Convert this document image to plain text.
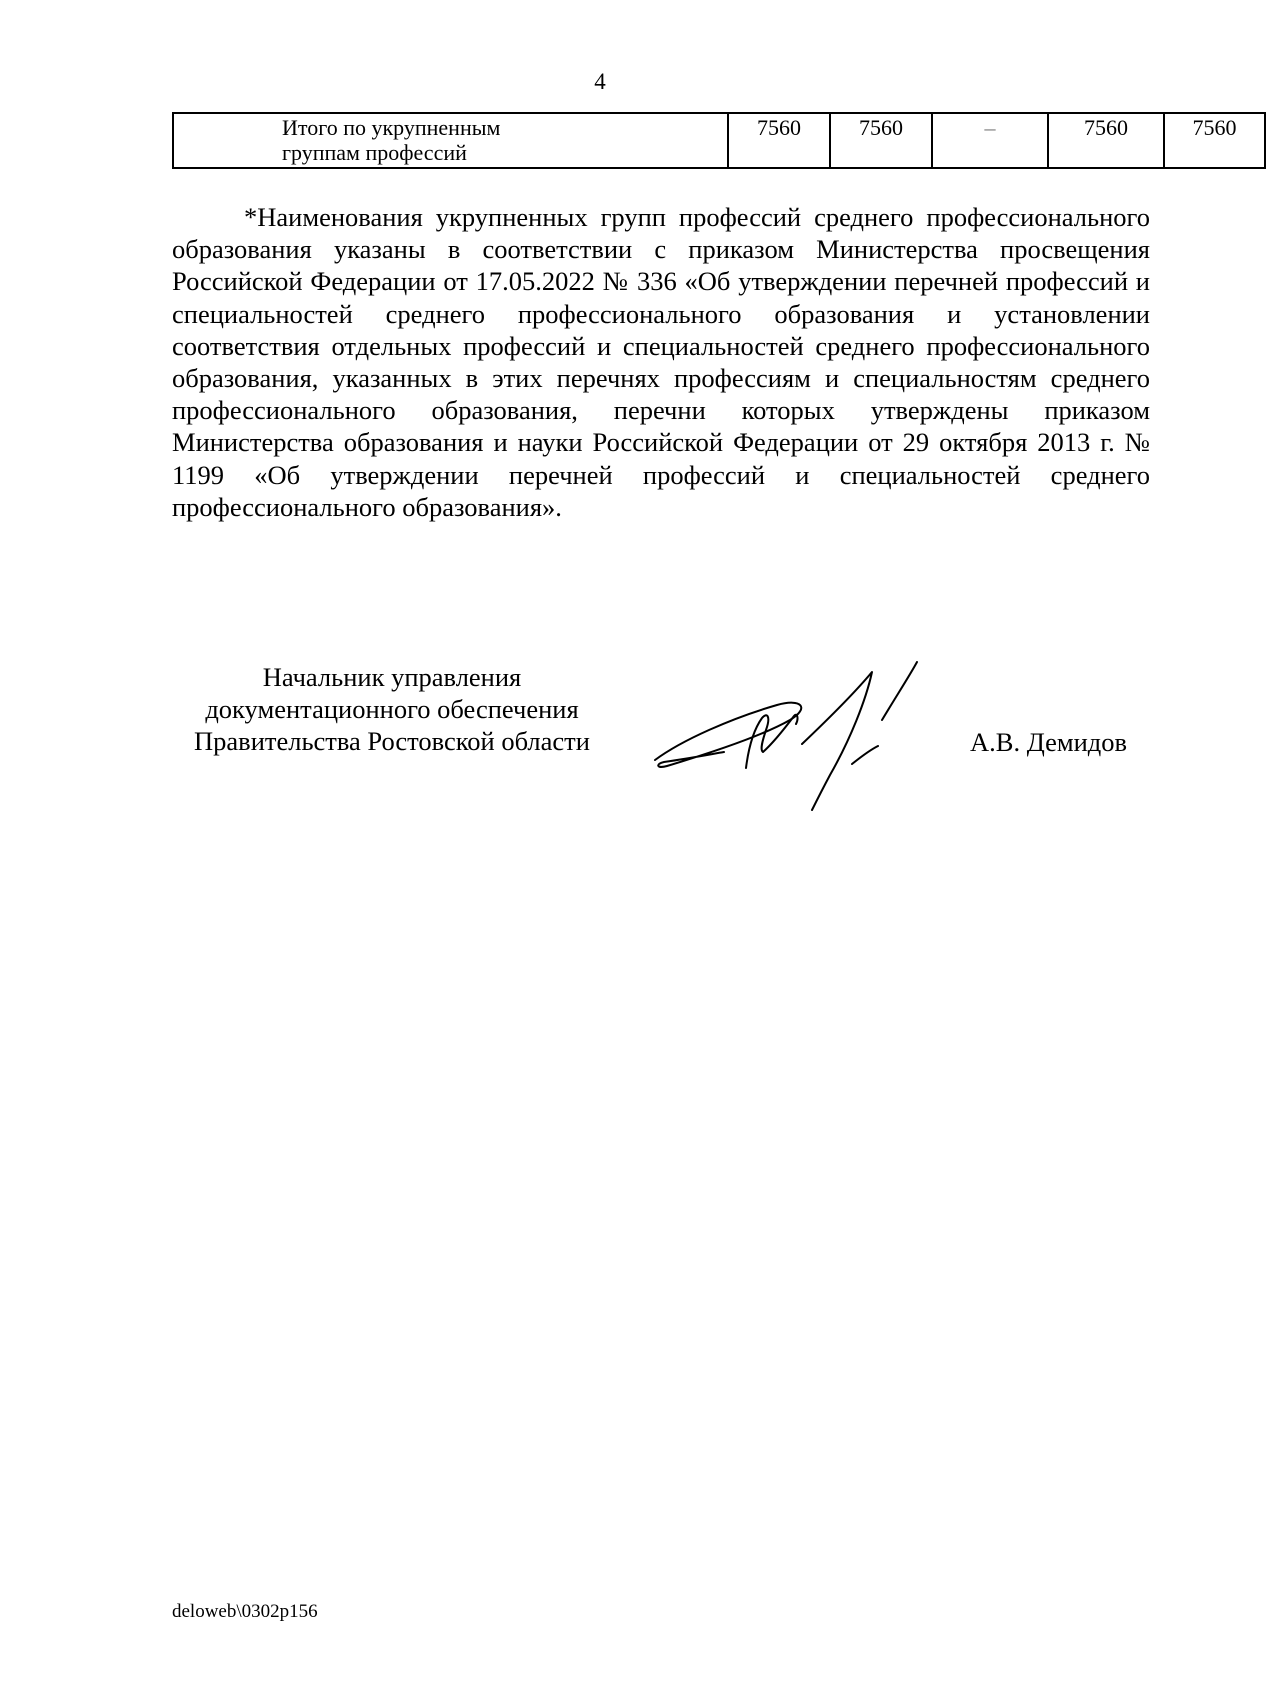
4
Итого по укрупненным
группам профессий
	7560	7560	–	7560	7560

*Наименования укрупненных групп профессий среднего профессионального образования указаны в соответствии с приказом Министерства просвещения Российской Федерации от 17.05.2022 № 336 «Об утверждении перечней профессий и специальностей среднего профессионального образования и установлении соответствия отдельных профессий и специальностей среднего профессионального образования, указанных в этих перечнях профессиям и специальностям среднего профессионального образования, перечни которых утверждены приказом Министерства образования и науки Российской Федерации от 29 октября 2013 г. № 1199 «Об утверждении перечней профессий и специальностей среднего профессионального образования».

Начальник управления
документационного обеспечения
Правительства Ростовской области	А.В. Демидов
deloweb\0302p156
